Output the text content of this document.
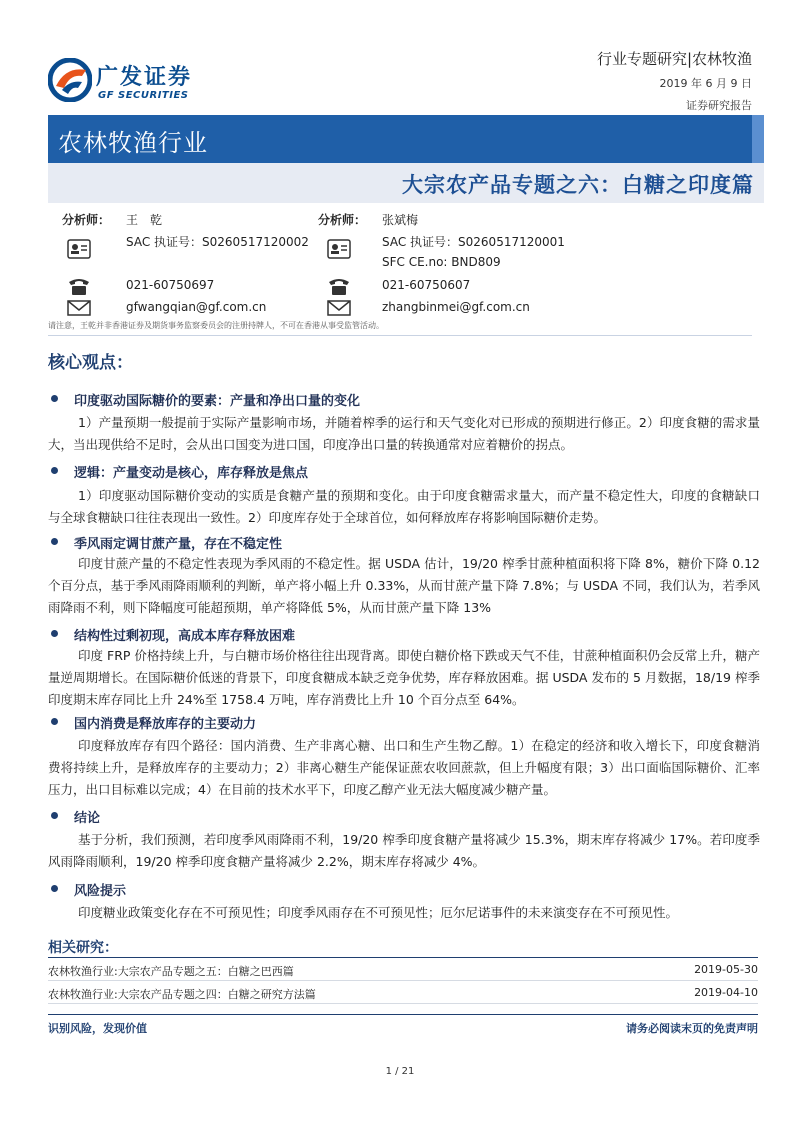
广发证券
GF SECURITIES
行业专题研究|农林牧渔
2019 年 6 月 9 日
证券研究报告
农林牧渔行业
大宗农产品专题之六：白糖之印度篇
分析师： 王　乾
SAC 执证号：S0260517120002
021-60750697
gfwangqian@gf.com.cn
分析师： 张斌梅
SAC 执证号：S0260517120001
SFC CE.no: BND809
021-60750607
zhangbinmei@gf.com.cn
请注意，王乾并非香港证券及期货事务监察委员会的注册持牌人，不可在香港从事受监管活动。
核心观点：
印度驱动国际糖价的要素：产量和净出口量的变化
1）产量预期一般提前于实际产量影响市场，并随着榨季的运行和天气变化对已形成的预期进行修正。2）印度食糖的需求量大，当出现供给不足时，会从出口国变为进口国，印度净出口量的转换通常对应着糖价的拐点。
逻辑：产量变动是核心，库存释放是焦点
1）印度驱动国际糖价变动的实质是食糖产量的预期和变化。由于印度食糖需求量大，而产量不稳定性大，印度的食糖缺口与全球食糖缺口往往表现出一致性。2）印度库存处于全球首位，如何释放库存将影响国际糖价走势。
季风雨定调甘蔗产量，存在不稳定性
印度甘蔗产量的不稳定性表现为季风雨的不稳定性。据 USDA 估计，19/20 榨季甘蔗种植面积将下降 8%，糖价下降 0.12 个百分点，基于季风雨降雨顺利的判断，单产将小幅上升 0.33%，从而甘蔗产量下降 7.8%；与 USDA 不同，我们认为，若季风雨降雨不利，则下降幅度可能超预期，单产将降低 5%，从而甘蔗产量下降 13%
结构性过剩初现，高成本库存释放困难
印度 FRP 价格持续上升，与白糖市场价格往往出现背离。即使白糖价格下跌或天气不佳，甘蔗种植面积仍会反常上升，糖产量逆周期增长。在国际糖价低迷的背景下，印度食糖成本缺乏竞争优势，库存释放困难。据 USDA 发布的 5 月数据，18/19 榨季印度期末库存同比上升 24%至 1758.4 万吨，库存消费比上升 10 个百分点至 64%。
国内消费是释放库存的主要动力
印度释放库存有四个路径：国内消费、生产非离心糖、出口和生产生物乙醇。1）在稳定的经济和收入增长下，印度食糖消费将持续上升，是释放库存的主要动力；2）非离心糖生产能保证蔗农收回蔗款，但上升幅度有限；3）出口面临国际糖价、汇率压力，出口目标难以完成；4）在目前的技术水平下，印度乙醇产业无法大幅度减少糖产量。
结论
基于分析，我们预测，若印度季风雨降雨不利，19/20 榨季印度食糖产量将减少 15.3%，期末库存将减少 17%。若印度季风雨降雨顺利，19/20 榨季印度食糖产量将减少 2.2%，期末库存将减少 4%。
风险提示
印度糖业政策变化存在不可预见性；印度季风雨存在不可预见性；厄尔尼诺事件的未来演变存在不可预见性。
相关研究：
农林牧渔行业:大宗农产品专题之五：白糖之巴西篇	2019-05-30
农林牧渔行业:大宗农产品专题之四：白糖之研究方法篇	2019-04-10
识别风险，发现价值	请务必阅读末页的免责声明
1 / 21
